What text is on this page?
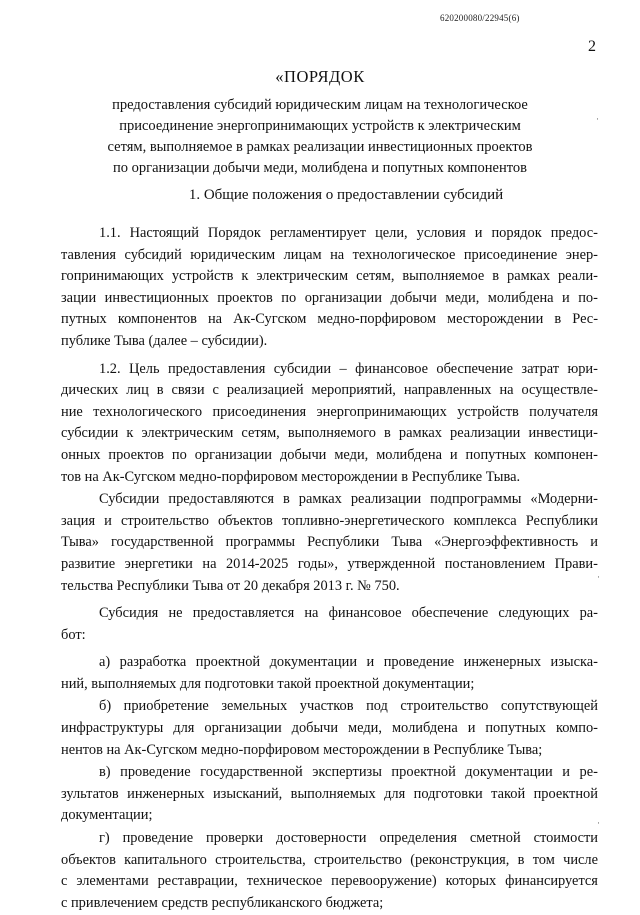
620200080/22945(6)
2
«ПОРЯДОК
предоставления субсидий юридическим лицам на технологическое
присоединение энергопринимающих устройств к электрическим
сетям, выполняемое в рамках реализации инвестиционных проектов
по организации добычи меди, молибдена и попутных компонентов
1. Общие положения о предоставлении субсидий
1.1. Настоящий Порядок регламентирует цели, условия и порядок предос-
тавления субсидий юридическим лицам на технологическое присоединение энер-
гопринимающих устройств к электрическим сетям, выполняемое в рамках реали-
зации инвестиционных проектов по организации добычи меди, молибдена и по-
путных компонентов на Ак-Сугском медно-порфировом месторождении в Рес-
публике Тыва (далее – субсидии).
1.2. Цель предоставления субсидии – финансовое обеспечение затрат юри-
дических лиц в связи с реализацией мероприятий, направленных на осуществле-
ние технологического присоединения энергопринимающих устройств получателя
субсидии к электрическим сетям, выполняемого в рамках реализации инвестици-
онных проектов по организации добычи меди, молибдена и попутных компонен-
тов на Ак-Сугском медно-порфировом месторождении в Республике Тыва.
Субсидии предоставляются в рамках реализации подпрограммы «Модерни-
зация и строительство объектов топливно-энергетического комплекса Республики
Тыва» государственной программы Республики Тыва «Энергоэффективность и
развитие энергетики на 2014-2025 годы», утвержденной постановлением Прави-
тельства Республики Тыва от 20 декабря 2013 г. № 750.
Субсидия не предоставляется на финансовое обеспечение следующих ра-
бот:
а) разработка проектной документации и проведение инженерных изыска-
ний, выполняемых для подготовки такой проектной документации;
б) приобретение земельных участков под строительство сопутствующей
инфраструктуры для организации добычи меди, молибдена и попутных компо-
нентов на Ак-Сугском медно-порфировом месторождении в Республике Тыва;
в) проведение государственной экспертизы проектной документации и ре-
зультатов инженерных изысканий, выполняемых для подготовки такой проектной
документации;
г) проведение проверки достоверности определения сметной стоимости
объектов капитального строительства, строительство (реконструкция, в том числе
с элементами реставрации, техническое перевооружение) которых финансируется
с привлечением средств республиканского бюджета;
·
·
·
